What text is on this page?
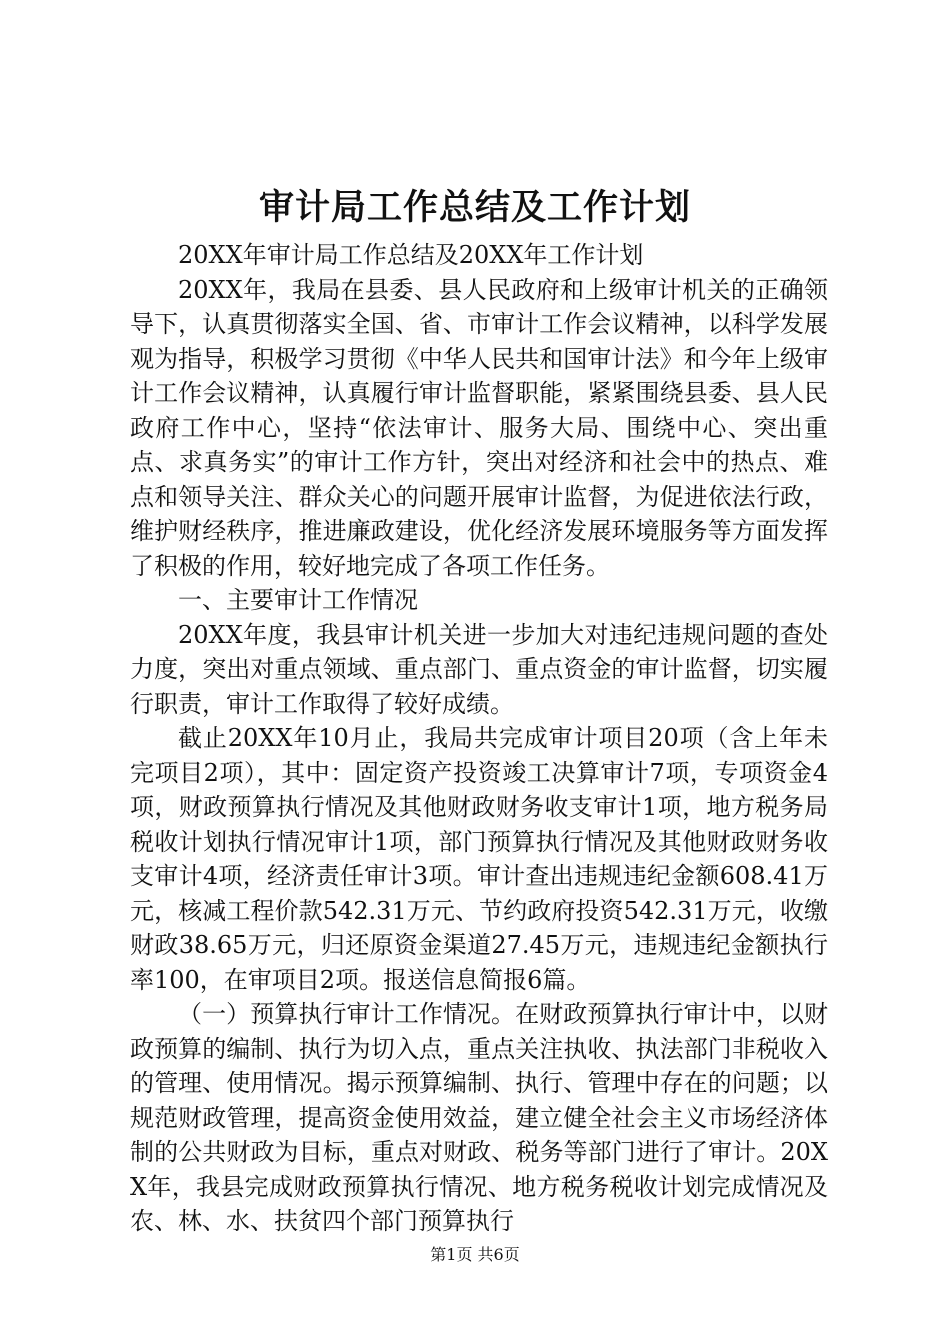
审计局工作总结及工作计划

20XX年审计局工作总结及20XX年工作计划

20XX年，我局在县委、县人民政府和上级审计机关的正确领导下，认真贯彻落实全国、省、市审计工作会议精神，以科学发展观为指导，积极学习贯彻《中华人民共和国审计法》和今年上级审计工作会议精神，认真履行审计监督职能，紧紧围绕县委、县人民政府工作中心，坚持“依法审计、服务大局、围绕中心、突出重点、求真务实”的审计工作方针，突出对经济和社会中的热点、难点和领导关注、群众关心的问题开展审计监督，为促进依法行政，维护财经秩序，推进廉政建设，优化经济发展环境服务等方面发挥了积极的作用，较好地完成了各项工作任务。

一、主要审计工作情况

20XX年度，我县审计机关进一步加大对违纪违规问题的查处力度，突出对重点领域、重点部门、重点资金的审计监督，切实履行职责，审计工作取得了较好成绩。

截止20XX年10月止，我局共完成审计项目20项（含上年未完项目2项），其中：固定资产投资竣工决算审计7项，专项资金4项，财政预算执行情况及其他财政财务收支审计1项，地方税务局税收计划执行情况审计1项，部门预算执行情况及其他财政财务收支审计4项，经济责任审计3项。审计查出违规违纪金额608.41万元，核减工程价款542.31万元、节约政府投资542.31万元，收缴财政38.65万元，归还原资金渠道27.45万元，违规违纪金额执行率100，在审项目2项。报送信息简报6篇。

（一）预算执行审计工作情况。在财政预算执行审计中，以财政预算的编制、执行为切入点，重点关注执收、执法部门非税收入的管理、使用情况。揭示预算编制、执行、管理中存在的问题；以规范财政管理，提高资金使用效益，建立健全社会主义市场经济体制的公共财政为目标，重点对财政、税务等部门进行了审计。20XX年，我县完成财政预算执行情况、地方税务税收计划完成情况及农、林、水、扶贫四个部门预算执行

第1页 共6页
